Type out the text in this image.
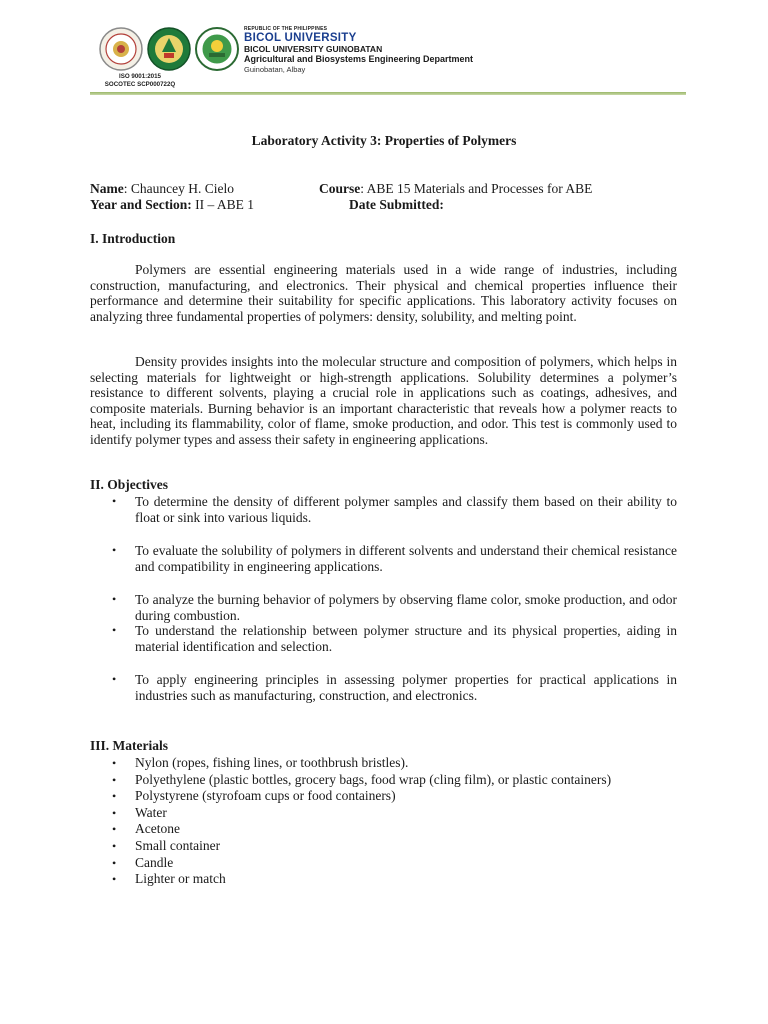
ISO 9001:2015
SOCOTEC SCP000722Q
REPUBLIC OF THE PHILIPPINES
BICOL UNIVERSITY
BICOL UNIVERSITY GUINOBATAN
Agricultural and Biosystems Engineering Department
Guinobatan, Albay
Laboratory Activity 3: Properties of Polymers
Name: Chauncey H. Cielo	Course: ABE 15 Materials and Processes for ABE
Year and Section: II – ABE 1	Date Submitted:
I. Introduction

Polymers are essential engineering materials used in a wide range of industries, including construction, manufacturing, and electronics. Their physical and chemical properties influence their performance and determine their suitability for specific applications. This laboratory activity focuses on analyzing three fundamental properties of polymers: density, solubility, and melting point.

Density provides insights into the molecular structure and composition of polymers, which helps in selecting materials for lightweight or high-strength applications. Solubility determines a polymer’s resistance to different solvents, playing a crucial role in applications such as coatings, adhesives, and composite materials. Burning behavior is an important characteristic that reveals how a polymer reacts to heat, including its flammability, color of flame, smoke production, and odor. This test is commonly used to identify polymer types and assess their safety in engineering applications.

II. Objectives
• To determine the density of different polymer samples and classify them based on their ability to float or sink into various liquids.
• To evaluate the solubility of polymers in different solvents and understand their chemical resistance and compatibility in engineering applications.
• To analyze the burning behavior of polymers by observing flame color, smoke production, and odor during combustion.
• To understand the relationship between polymer structure and its physical properties, aiding in material identification and selection.
• To apply engineering principles in assessing polymer properties for practical applications in industries such as manufacturing, construction, and electronics.
III. Materials
• Nylon (ropes, fishing lines, or toothbrush bristles).
• Polyethylene (plastic bottles, grocery bags, food wrap (cling film), or plastic containers)
• Polystyrene (styrofoam cups or food containers)
• Water
• Acetone
• Small container
• Candle
• Lighter or match
